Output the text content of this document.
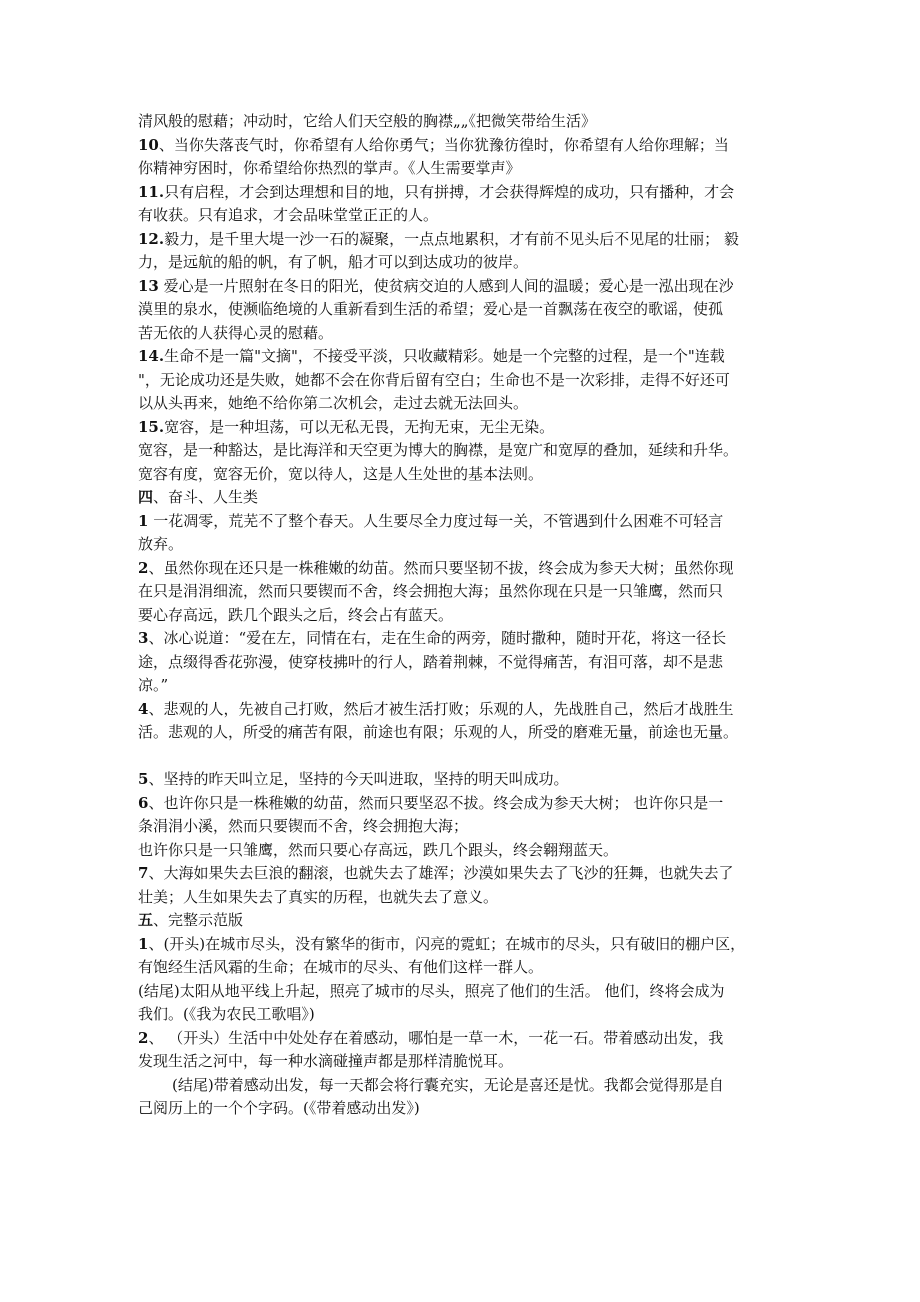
清风般的慰藉；冲动时，它给人们天空般的胸襟„„《把微笑带给生活》
10、当你失落丧气时，你希望有人给你勇气；当你犹豫彷徨时，你希望有人给你理解；当
你精神穷困时，你希望给你热烈的掌声。《人生需要掌声》
11.只有启程，才会到达理想和目的地，只有拼搏，才会获得辉煌的成功，只有播种，才会
有收获。只有追求，才会品味堂堂正正的人。
12.毅力，是千里大堤一沙一石的凝聚，一点点地累积，才有前不见头后不见尾的壮丽； 毅
力，是远航的船的帆，有了帆，船才可以到达成功的彼岸。
13 爱心是一片照射在冬日的阳光，使贫病交迫的人感到人间的温暖；爱心是一泓出现在沙
漠里的泉水，使濒临绝境的人重新看到生活的希望；爱心是一首飘荡在夜空的歌谣，使孤
苦无依的人获得心灵的慰藉。
14.生命不是一篇"文摘"，不接受平淡，只收藏精彩。她是一个完整的过程，是一个"连载
"，无论成功还是失败，她都不会在你背后留有空白；生命也不是一次彩排，走得不好还可
以从头再来，她绝不给你第二次机会，走过去就无法回头。
15.宽容，是一种坦荡，可以无私无畏，无拘无束，无尘无染。
宽容，是一种豁达，是比海洋和天空更为博大的胸襟，是宽广和宽厚的叠加，延续和升华。
宽容有度，宽容无价，宽以待人，这是人生处世的基本法则。
四、奋斗、人生类
1 一花凋零，荒芜不了整个春天。人生要尽全力度过每一关，不管遇到什么困难不可轻言
放弃。
2、虽然你现在还只是一株稚嫩的幼苗。然而只要坚韧不拔，终会成为参天大树；虽然你现
在只是涓涓细流，然而只要锲而不舍，终会拥抱大海；虽然你现在只是一只雏鹰，然而只
要心存高远，跌几个跟头之后，终会占有蓝天。
3、冰心说道：“爱在左，同情在右，走在生命的两旁，随时撒种，随时开花，将这一径长
途，点缀得香花弥漫，使穿枝拂叶的行人，踏着荆棘，不觉得痛苦，有泪可落，却不是悲
凉。”
4、悲观的人，先被自己打败，然后才被生活打败；乐观的人，先战胜自己，然后才战胜生
活。悲观的人，所受的痛苦有限，前途也有限；乐观的人，所受的磨难无量，前途也无量。
5、坚持的昨天叫立足，坚持的今天叫进取，坚持的明天叫成功。
6、也许你只是一株稚嫩的幼苗，然而只要坚忍不拔。终会成为参天大树； 也许你只是一
条涓涓小溪，然而只要锲而不舍，终会拥抱大海；
也许你只是一只雏鹰，然而只要心存高远，跌几个跟头，终会翱翔蓝天。
7、大海如果失去巨浪的翻滚，也就失去了雄浑；沙漠如果失去了飞沙的狂舞，也就失去了
壮美；人生如果失去了真实的历程，也就失去了意义。
五、完整示范版
1、(开头)在城市尽头，没有繁华的街市，闪亮的霓虹；在城市的尽头，只有破旧的棚户区，
有饱经生活风霜的生命；在城市的尽头、有他们这样一群人。
(结尾)太阳从地平线上升起，照亮了城市的尽头，照亮了他们的生活。 他们，终将会成为
我们。(《我为农民工歌唱》)
2、 （开头）生活中中处处存在着感动，哪怕是一草一木，一花一石。带着感动出发，我
发现生活之河中，每一种水滴碰撞声都是那样清脆悦耳。
(结尾)带着感动出发，每一天都会将行囊充实，无论是喜还是忧。我都会觉得那是自
己阅历上的一个个字码。(《带着感动出发》)
